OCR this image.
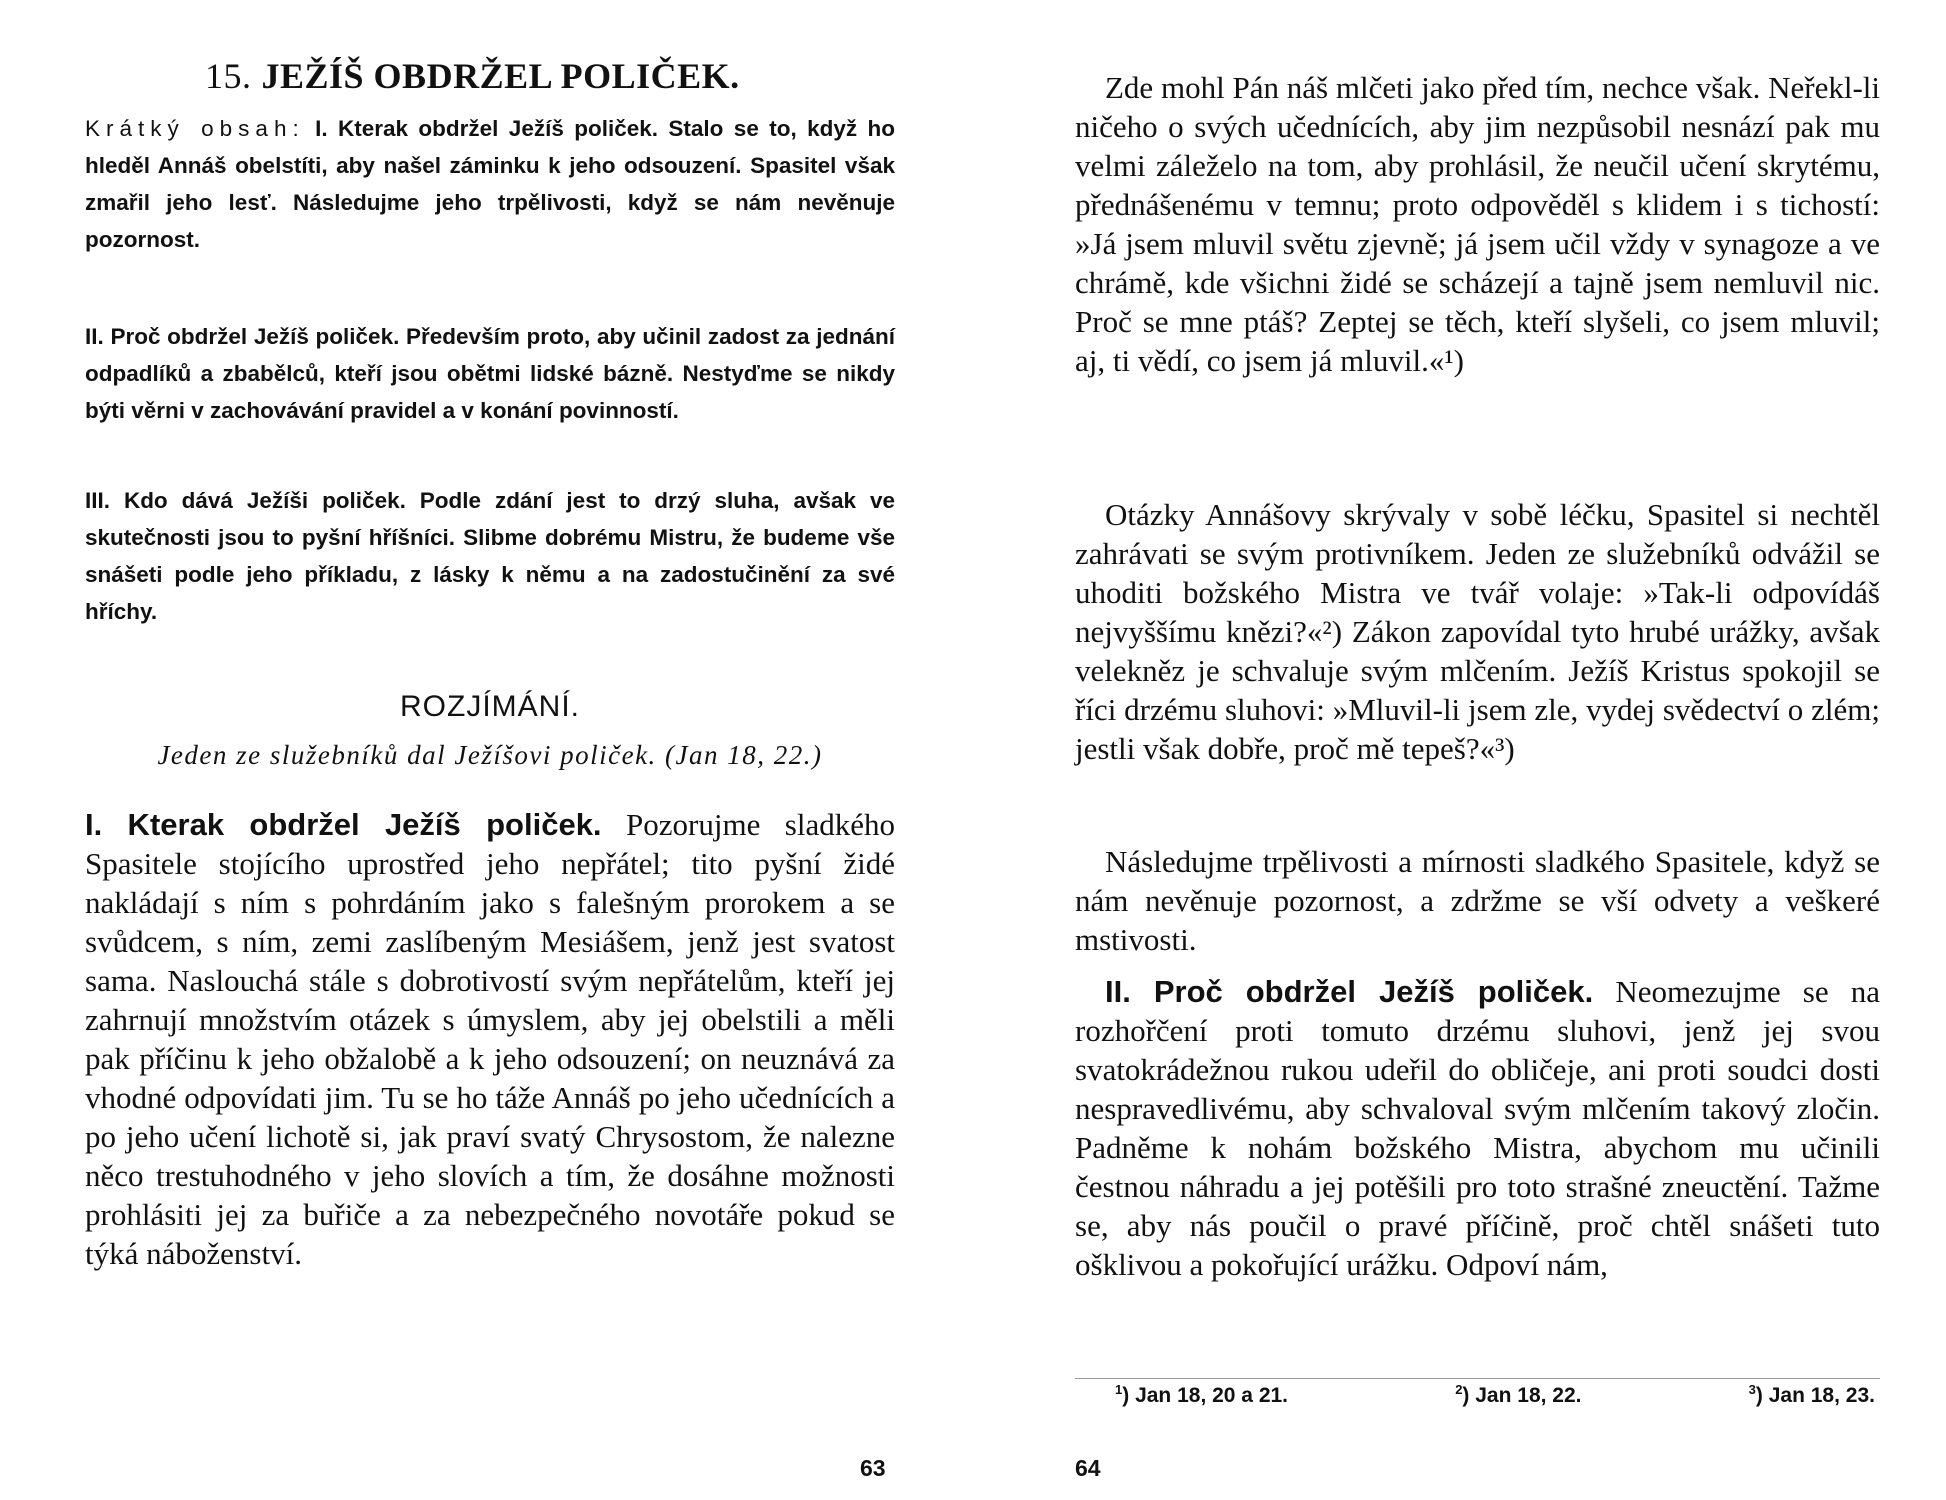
15. JEŽÍŠ OBDRŽEL POLIČEK.

Krátký obsah: I. Kterak obdržel Ježíš poliček. Stalo se to, když ho hleděl Annáš obelstíti, aby našel záminku k jeho odsouzení. Spasitel však zmařil jeho lesť. Následujme jeho trpělivosti, když se nám nevěnuje pozornost.

II. Proč obdržel Ježíš poliček. Především proto, aby učinil zadost za jednání odpadlíků a zbabělců, kteří jsou obětmi lidské bázně. Nestyďme se nikdy býti věrni v zachovávání pravidel a v konání povinností.

III. Kdo dává Ježíši poliček. Podle zdání jest to drzý sluha, avšak ve skutečnosti jsou to pyšní hříšníci. Slibme dobrému Mistru, že budeme vše snášeti podle jeho příkladu, z lásky k němu a na zadostučinění za své hříchy.

ROZJÍMÁNÍ.
Jeden ze služebníků dal Ježíšovi poliček. (Jan 18, 22.)

I. Kterak obdržel Ježíš poliček. Pozorujme sladkého Spasitele stojícího uprostřed jeho nepřátel; tito pyšní židé nakládají s ním s pohrdáním jako s falešným prorokem a se svůdcem, s ním, zemi zaslíbeným Mesiášem, jenž jest svatost sama. Naslouchá stále s dobrotivostí svým nepřátelům, kteří jej zahrnují množstvím otázek s úmyslem, aby jej obelstili a měli pak příčinu k jeho obžalobě a k jeho odsouzení; on neuznává za vhodné odpovídati jim. Tu se ho táže Annáš po jeho učednících a po jeho učení lichotě si, jak praví svatý Chrysostom, že nalezne něco trestuhodného v jeho slovích a tím, že dosáhne možnosti prohlásiti jej za buřiče a za nebezpečného novotáře pokud se týká náboženství.

63

Zde mohl Pán náš mlčeti jako před tím, nechce však. Neřekl-li ničeho o svých učednících, aby jim nezpůsobil nesnází pak mu velmi záleželo na tom, aby prohlásil, že neučil učení skrytému, přednášenému v temnu; proto odpověděl s klidem i s tichostí: »Já jsem mluvil světu zjevně; já jsem učil vždy v synagoze a ve chrámě, kde všichni židé se scházejí a tajně jsem nemluvil nic. Proč se mne ptáš? Zeptej se těch, kteří slyšeli, co jsem mluvil; aj, ti vědí, co jsem já mluvil.«¹)

Otázky Annášovy skrývaly v sobě léčku, Spasitel si nechtěl zahrávati se svým protivníkem. Jeden ze služebníků odvážil se uhoditi božského Mistra ve tvář volaje: »Tak-li odpovídáš nejvyššímu knězi?«²) Zákon zapovídal tyto hrubé urážky, avšak velekněz je schvaluje svým mlčením. Ježíš Kristus spokojil se říci drzému sluhovi: »Mluvil-li jsem zle, vydej svědectví o zlém; jestli však dobře, proč mě tepeš?«³)

Následujme trpělivosti a mírnosti sladkého Spasitele, když se nám nevěnuje pozornost, a zdržme se vší odvety a veškeré mstivosti.

II. Proč obdržel Ježíš poliček. Neomezujme se na rozhořčení proti tomuto drzému sluhovi, jenž jej svou svatokrádežnou rukou udeřil do obličeje, ani proti soudci dosti nespravedlivému, aby schvaloval svým mlčením takový zločin. Padněme k nohám božského Mistra, abychom mu učinili čestnou náhradu a jej potěšili pro toto strašné zneuctění. Tažme se, aby nás poučil o pravé příčině, proč chtěl snášeti tuto ošklivou a pokořující urážku. Odpoví nám,

$^1$) Jan 18, 20 a 21.	$^2$) Jan 18, 22.	$^3$) Jan 18, 23.
64
